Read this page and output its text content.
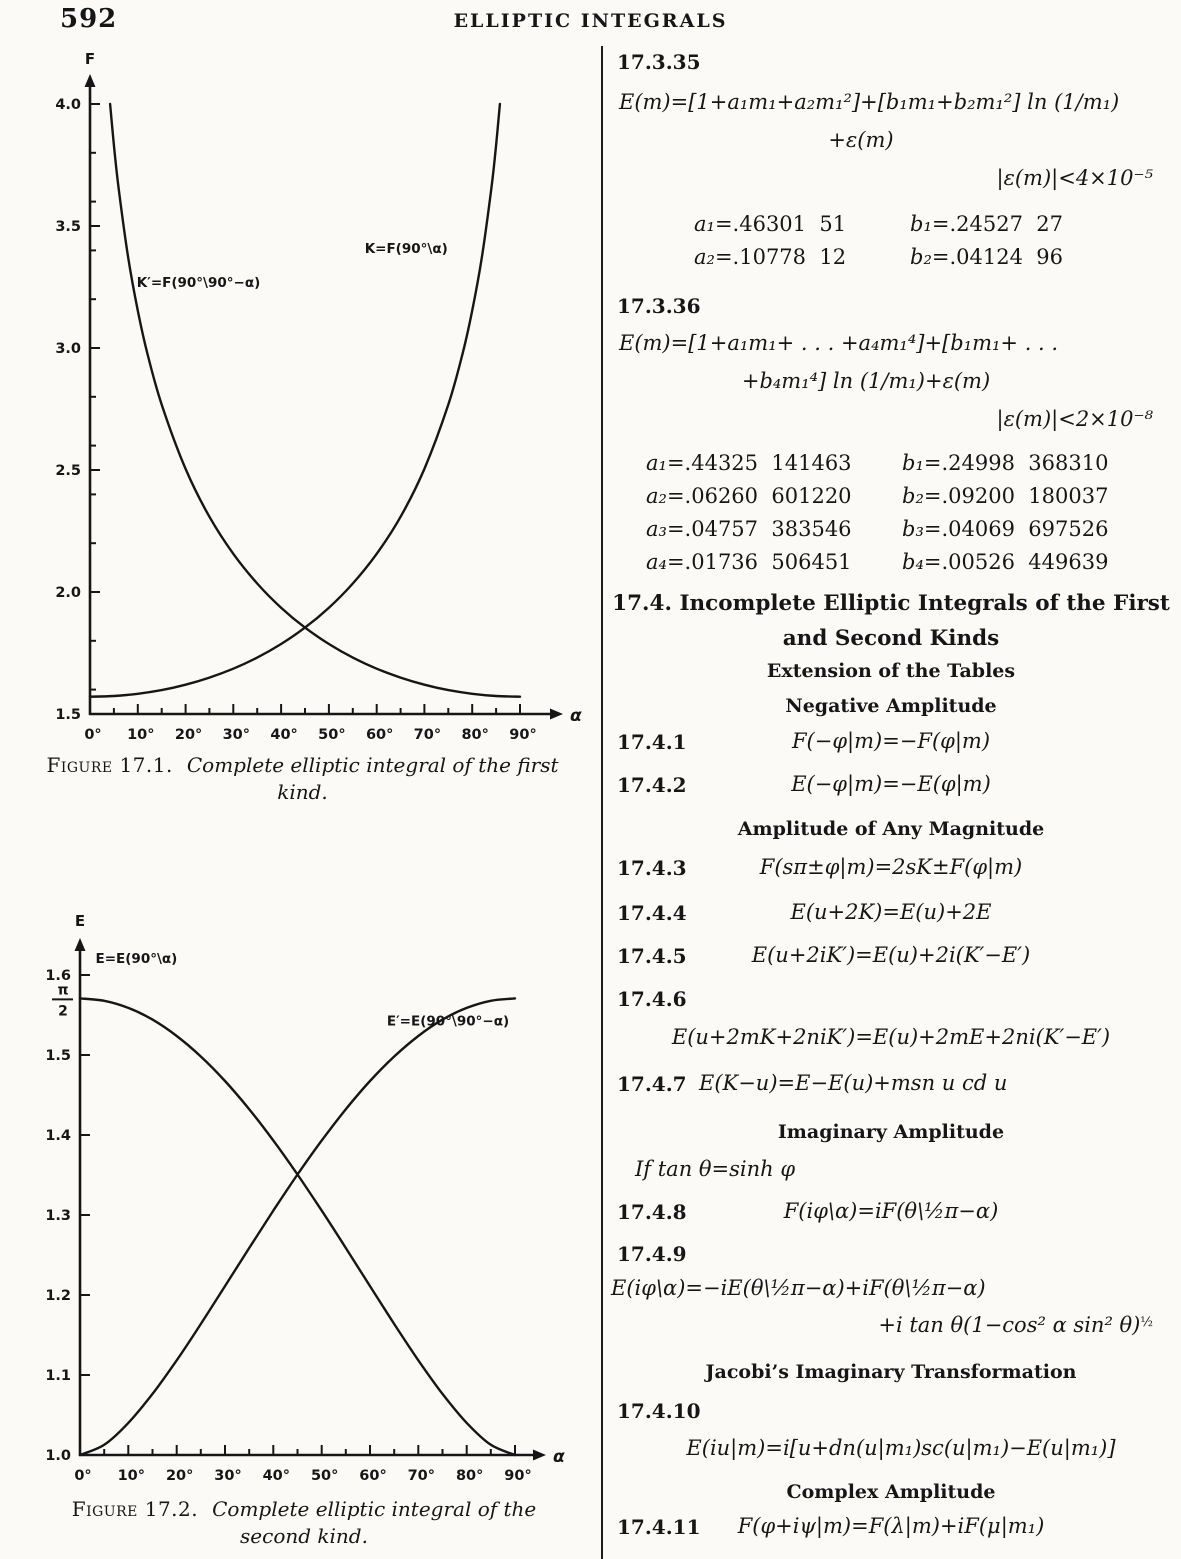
592	ELLIPTIC INTEGRALS
F
α
0° 10° 20° 30° 40° 50° 60° 70° 80° 90°
1.5
2.0
2.5
3.0
3.5
4.0
K=F(90°\α)
K′=F(90°\90°−α)
Figure 17.1. Complete elliptic integral of the first kind.
E
α
0° 10° 20° 30° 40° 50° 60° 70° 80° 90°
1.0
1.1
1.2
1.3
1.4
1.5
1.6
π
2
E=E(90°\α)
E′=E(90°\90°−α)
Figure 17.2. Complete elliptic integral of the second kind.
17.3.35
E(m)=[1+a₁m₁+a₂m₁²]+[b₁m₁+b₂m₁²] ln (1/m₁)
+ε(m)
|ε(m)|<4×10⁻⁵
a₁=.46301  51	b₁=.24527  27
a₂=.10778  12	b₂=.04124  96
17.3.36
E(m)=[1+a₁m₁+ . . . +a₄m₁⁴]+[b₁m₁+ . . .
+b₄m₁⁴] ln (1/m₁)+ε(m)
|ε(m)|<2×10⁻⁸
a₁=.44325  141463	b₁=.24998  368310
a₂=.06260  601220	b₂=.09200  180037
a₃=.04757  383546	b₃=.04069  697526
a₄=.01736  506451	b₄=.00526  449639
17.4. Incomplete Elliptic Integrals of the First
and Second Kinds
Extension of the Tables
Negative Amplitude
17.4.1	F(−φ|m)=−F(φ|m)
17.4.2	E(−φ|m)=−E(φ|m)
Amplitude of Any Magnitude
17.4.3	F(sπ±φ|m)=2sK±F(φ|m)
17.4.4	E(u+2K)=E(u)+2E
17.4.5	E(u+2iK′)=E(u)+2i(K′−E′)
17.4.6
E(u+2mK+2niK′)=E(u)+2mE+2ni(K′−E′)
17.4.7 E(K−u)=E−E(u)+msn u cd u
Imaginary Amplitude
If tan θ=sinh φ
17.4.8	F(iφ\α)=iF(θ\½π−α)
17.4.9
E(iφ\α)=−iE(θ\½π−α)+iF(θ\½π−α)
+i tan θ(1−cos² α sin² θ)$^{\frac{1}{2}}$
Jacobi’s Imaginary Transformation
17.4.10
E(iu|m)=i[u+dn(u|m₁)sc(u|m₁)−E(u|m₁)]
Complex Amplitude
17.4.11	F(φ+iψ|m)=F(λ|m)+iF(μ|m₁)
